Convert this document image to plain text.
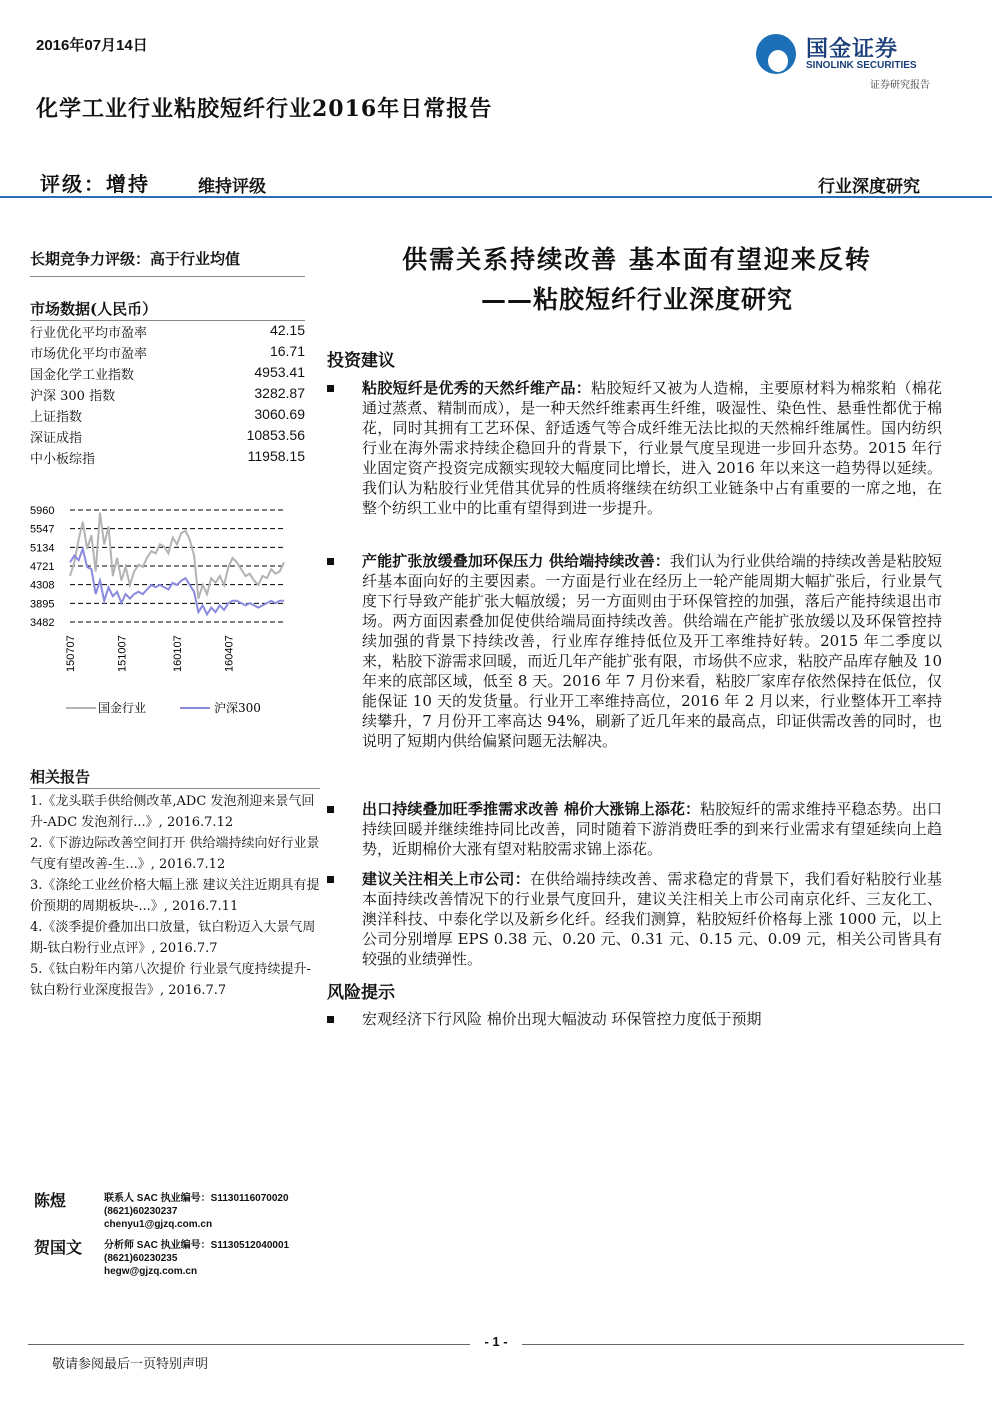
2016年07月14日	国金证券
SINOLINK SECURITIES
证券研究报告
化学工业行业粘胶短纤行业2016年日常报告
评级：增持	维持评级	行业深度研究
长期竞争力评级：高于行业均值
市场数据(人民币）
行业优化平均市盈率	42.15
市场优化平均市盈率	16.71
国金化学工业指数	4953.41
沪深 300 指数	3282.87
上证指数	3060.69
深证成指	10853.56
中小板综指	11958.15
5960
5547
5134
4721
4308
3895
3482
150707	151007	160107	160407
国金行业	沪深300
相关报告
1.《龙头联手供给侧改革,ADC 发泡剂迎来景气回升-ADC 发泡剂行...》, 2016.7.12
2.《下游边际改善空间打开 供给端持续向好行业景气度有望改善-生...》, 2016.7.12
3.《涤纶工业丝价格大幅上涨 建议关注近期具有提价预期的周期板块-...》, 2016.7.11
4.《淡季提价叠加出口放量，钛白粉迈入大景气周期-钛白粉行业点评》, 2016.7.7
5.《钛白粉年内第八次提价 行业景气度持续提升-钛白粉行业深度报告》, 2016.7.7
供需关系持续改善 基本面有望迎来反转
——粘胶短纤行业深度研究
投资建议
粘胶短纤是优秀的天然纤维产品：粘胶短纤又被为人造棉，主要原材料为棉浆粕（棉花通过蒸煮、精制而成），是一种天然纤维素再生纤维，吸湿性、染色性、悬垂性都优于棉花，同时其拥有工艺环保、舒适透气等合成纤维无法比拟的天然棉纤维属性。国内纺织行业在海外需求持续企稳回升的背景下，行业景气度呈现进一步回升态势。2015 年行业固定资产投资完成额实现较大幅度同比增长，进入 2016 年以来这一趋势得以延续。我们认为粘胶行业凭借其优异的性质将继续在纺织工业链条中占有重要的一席之地，在整个纺织工业中的比重有望得到进一步提升。
产能扩张放缓叠加环保压力 供给端持续改善：我们认为行业供给端的持续改善是粘胶短纤基本面向好的主要因素。一方面是行业在经历上一轮产能周期大幅扩张后，行业景气度下行导致产能扩张大幅放缓；另一方面则由于环保管控的加强，落后产能持续退出市场。两方面因素叠加促使供给端局面持续改善。供给端在产能扩张放缓以及环保管控持续加强的背景下持续改善，行业库存维持低位及开工率维持好转。2015 年二季度以来，粘胶下游需求回暖，而近几年产能扩张有限，市场供不应求，粘胶产品库存触及 10 年来的底部区域，低至 8 天。2016 年 7 月份来看，粘胶厂家库存依然保持在低位，仅能保证 10 天的发货量。行业开工率维持高位，2016 年 2 月以来，行业整体开工率持续攀升，7 月份开工率高达 94%，刷新了近几年来的最高点，印证供需改善的同时，也说明了短期内供给偏紧问题无法解决。
出口持续叠加旺季推需求改善 棉价大涨锦上添花：粘胶短纤的需求维持平稳态势。出口持续回暖并继续维持同比改善，同时随着下游消费旺季的到来行业需求有望延续向上趋势，近期棉价大涨有望对粘胶需求锦上添花。
建议关注相关上市公司：在供给端持续改善、需求稳定的背景下，我们看好粘胶行业基本面持续改善情况下的行业景气度回升，建议关注相关上市公司南京化纤、三友化工、澳洋科技、中泰化学以及新乡化纤。经我们测算，粘胶短纤价格每上涨 1000 元，以上公司分别增厚 EPS 0.38 元、0.20 元、0.31 元、0.15 元、0.09 元，相关公司皆具有较强的业绩弹性。
风险提示
宏观经济下行风险 棉价出现大幅波动 环保管控力度低于预期
陈煜	联系人 SAC 执业编号：S1130116070020
(8621)60230237
chenyu1@gjzq.com.cn
贺国文 分析师 SAC 执业编号：S1130512040001
(8621)60230235
hegw@gjzq.com.cn
- 1 -
敬请参阅最后一页特别声明
